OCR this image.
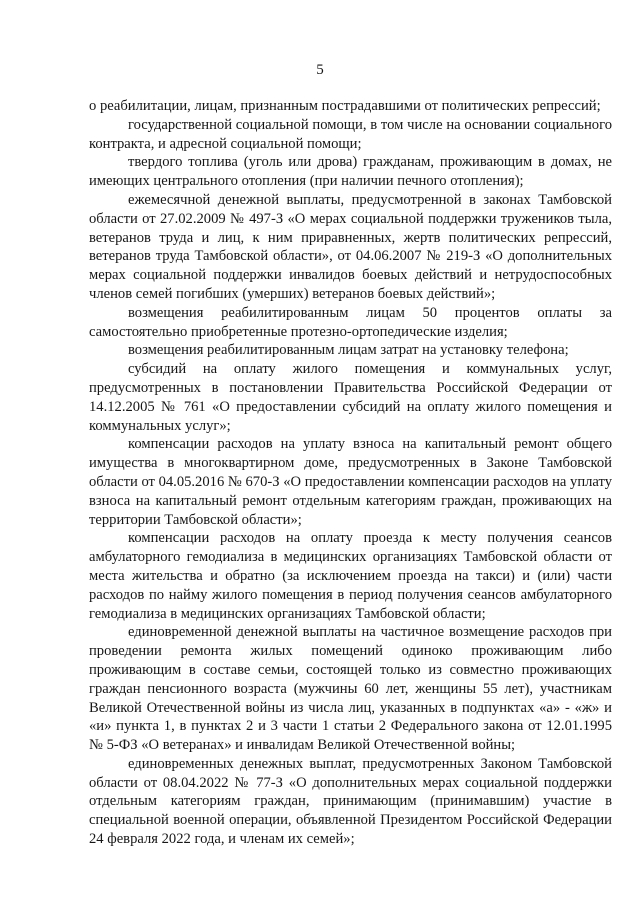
5

о реабилитации, лицам, признанным пострадавшими от политических репрессий;

государственной социальной помощи, в том числе на основании социального контракта, и адресной социальной помощи;

твердого топлива (уголь или дрова) гражданам, проживающим в домах, не имеющих центрального отопления (при наличии печного отопления);

ежемесячной денежной выплаты, предусмотренной в законах Тамбовской области от 27.02.2009 № 497-З «О мерах социальной поддержки тружеников тыла, ветеранов труда и лиц, к ним приравненных, жертв политических репрессий, ветеранов труда Тамбовской области», от 04.06.2007 № 219-З «О дополнительных мерах социальной поддержки инвалидов боевых действий и нетрудоспособных членов семей погибших (умерших) ветеранов боевых действий»;

возмещения реабилитированным лицам 50 процентов оплаты за самостоятельно приобретенные протезно-ортопедические изделия;

возмещения реабилитированным лицам затрат на установку телефона;

субсидий на оплату жилого помещения и коммунальных услуг, предусмотренных в постановлении Правительства Российской Федерации от 14.12.2005 № 761 «О предоставлении субсидий на оплату жилого помещения и коммунальных услуг»;

компенсации расходов на уплату взноса на капитальный ремонт общего имущества в многоквартирном доме, предусмотренных в Законе Тамбовской области от 04.05.2016 № 670-З «О предоставлении компенсации расходов на уплату взноса на капитальный ремонт отдельным категориям граждан, проживающих на территории Тамбовской области»;

компенсации расходов на оплату проезда к месту получения сеансов амбулаторного гемодиализа в медицинских организациях Тамбовской области от места жительства и обратно (за исключением проезда на такси) и (или) части расходов по найму жилого помещения в период получения сеансов амбулаторного гемодиализа в медицинских организациях Тамбовской области;

единовременной денежной выплаты на частичное возмещение расходов при проведении ремонта жилых помещений одиноко проживающим либо проживающим в составе семьи, состоящей только из совместно проживающих граждан пенсионного возраста (мужчины 60 лет, женщины 55 лет), участникам Великой Отечественной войны из числа лиц, указанных в подпунктах «а» - «ж» и «и» пункта 1, в пунктах 2 и 3 части 1 статьи 2 Федерального закона от 12.01.1995 № 5-ФЗ «О ветеранах» и инвалидам Великой Отечественной войны;

единовременных денежных выплат, предусмотренных Законом Тамбовской области от 08.04.2022 № 77-З «О дополнительных мерах социальной поддержки отдельным категориям граждан, принимающим (принимавшим) участие в специальной военной операции, объявленной Президентом Российской Федерации 24 февраля 2022 года, и членам их семей»;
